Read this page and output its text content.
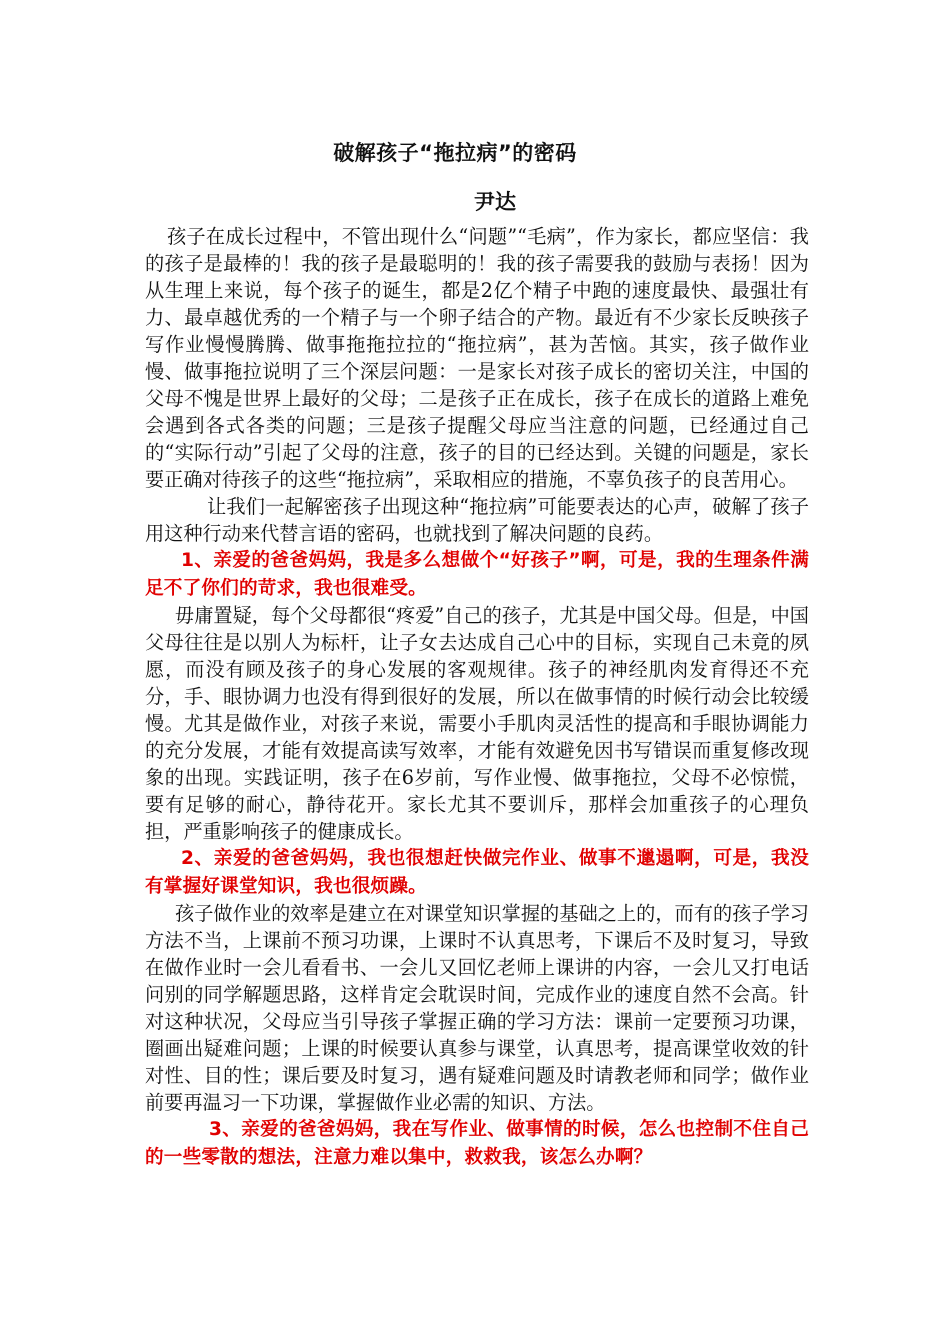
破解孩子“拖拉病”的密码
尹达

孩子在成长过程中，不管出现什么“问题”“毛病”，作为家长，都应坚信：我的孩子是最棒的！我的孩子是最聪明的！我的孩子需要我的鼓励与表扬！因为从生理上来说，每个孩子的诞生，都是2亿个精子中跑的速度最快、最强壮有力、最卓越优秀的一个精子与一个卵子结合的产物。最近有不少家长反映孩子写作业慢慢腾腾、做事拖拖拉拉的“拖拉病”，甚为苦恼。其实，孩子做作业慢、做事拖拉说明了三个深层问题：一是家长对孩子成长的密切关注，中国的父母不愧是世界上最好的父母；二是孩子正在成长，孩子在成长的道路上难免会遇到各式各类的问题；三是孩子提醒父母应当注意的问题，已经通过自己的“实际行动”引起了父母的注意，孩子的目的已经达到。关键的问题是，家长要正确对待孩子的这些“拖拉病”，采取相应的措施，不辜负孩子的良苦用心。

让我们一起解密孩子出现这种“拖拉病”可能要表达的心声，破解了孩子用这种行动来代替言语的密码，也就找到了解决问题的良药。

1、亲爱的爸爸妈妈，我是多么想做个“好孩子”啊，可是，我的生理条件满足不了你们的苛求，我也很难受。

毋庸置疑，每个父母都很“疼爱”自己的孩子，尤其是中国父母。但是，中国父母往往是以别人为标杆，让子女去达成自己心中的目标，实现自己未竟的夙愿，而没有顾及孩子的身心发展的客观规律。孩子的神经肌肉发育得还不充分，手、眼协调力也没有得到很好的发展，所以在做事情的时候行动会比较缓慢。尤其是做作业，对孩子来说，需要小手肌肉灵活性的提高和手眼协调能力的充分发展，才能有效提高读写效率，才能有效避免因书写错误而重复修改现象的出现。实践证明，孩子在6岁前，写作业慢、做事拖拉，父母不必惊慌，要有足够的耐心，静待花开。家长尤其不要训斥，那样会加重孩子的心理负担，严重影响孩子的健康成长。

2、亲爱的爸爸妈妈，我也很想赶快做完作业、做事不邋遢啊，可是，我没有掌握好课堂知识，我也很烦躁。

孩子做作业的效率是建立在对课堂知识掌握的基础之上的，而有的孩子学习方法不当，上课前不预习功课，上课时不认真思考，下课后不及时复习，导致在做作业时一会儿看看书、一会儿又回忆老师上课讲的内容，一会儿又打电话问别的同学解题思路，这样肯定会耽误时间，完成作业的速度自然不会高。针对这种状况，父母应当引导孩子掌握正确的学习方法：课前一定要预习功课，圈画出疑难问题；上课的时候要认真参与课堂，认真思考，提高课堂收效的针对性、目的性；课后要及时复习，遇有疑难问题及时请教老师和同学；做作业前要再温习一下功课，掌握做作业必需的知识、方法。

3、亲爱的爸爸妈妈，我在写作业、做事情的时候，怎么也控制不住自己的一些零散的想法，注意力难以集中，救救我，该怎么办啊？
